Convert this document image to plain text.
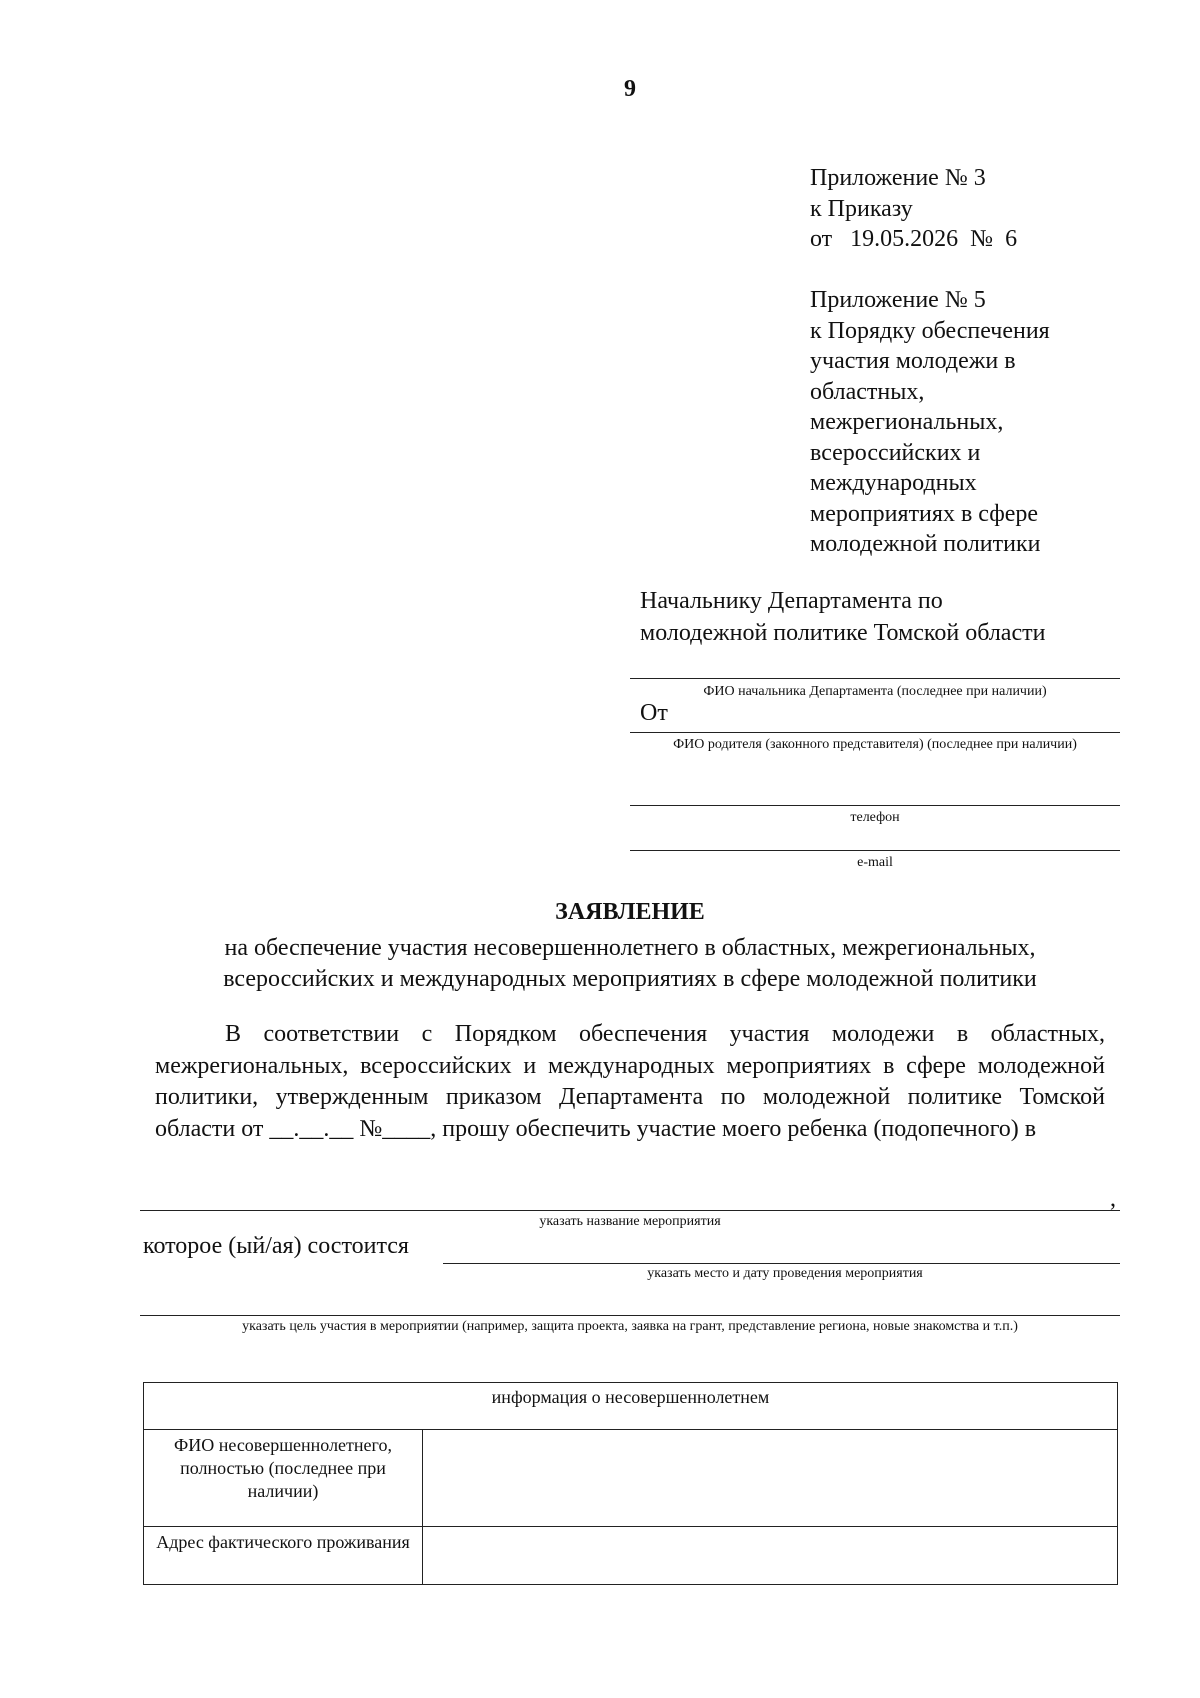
9
Приложение № 3
к Приказу
от   19.05.2026  №  6
Приложение № 5
к Порядку обеспечения
участия молодежи в
областных,
межрегиональных,
всероссийских и
международных
мероприятиях в сфере
молодежной политики
Начальнику Департамента по
молодежной политике Томской области
ФИО начальника Департамента (последнее при наличии)
От
ФИО родителя (законного представителя) (последнее при наличии)
телефон
e-mail
ЗАЯВЛЕНИЕ
на обеспечение участия несовершеннолетнего в областных, межрегиональных,
всероссийских и международных мероприятиях в сфере молодежной политики

В соответствии с Порядком обеспечения участия молодежи в областных, межрегиональных, всероссийских и международных мероприятиях в сфере молодежной политики, утвержденным приказом Департамента по молодежной политике Томской области от __.__.__ №____, прошу обеспечить участие моего ребенка (подопечного) в

,
указать название мероприятия
которое (ый/ая) состоится
указать место и дату проведения мероприятия
указать цель участия в мероприятии (например, защита проекта, заявка на грант, представление региона, новые знакомства и т.п.)
информация о несовершеннолетнем	
ФИО несовершеннолетнего, полностью (последнее при наличии)	
Адрес фактического проживания	
